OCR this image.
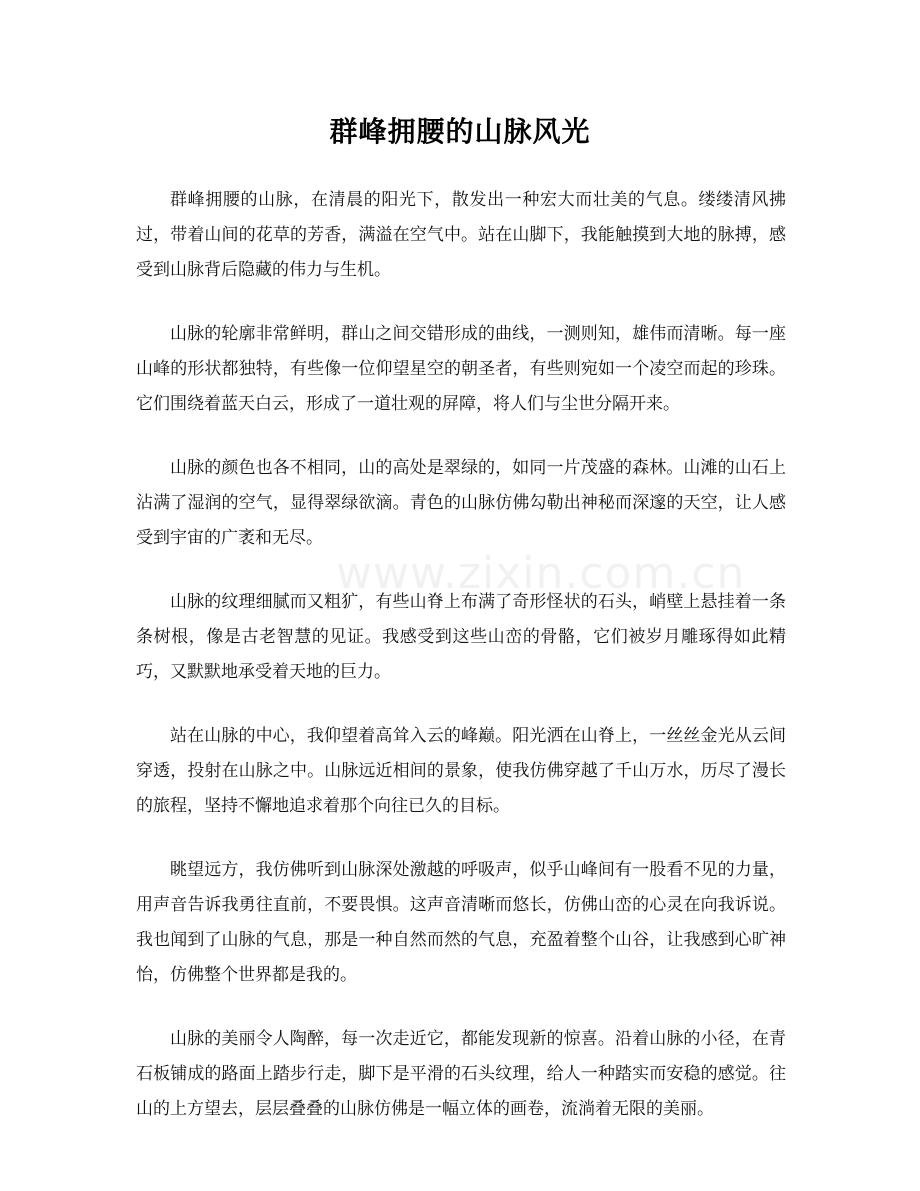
群峰拥腰的山脉风光

群峰拥腰的山脉，在清晨的阳光下，散发出一种宏大而壮美的气息。缕缕清风拂过，带着山间的花草的芳香，满溢在空气中。站在山脚下，我能触摸到大地的脉搏，感受到山脉背后隐藏的伟力与生机。

山脉的轮廓非常鲜明，群山之间交错形成的曲线，一测则知，雄伟而清晰。每一座山峰的形状都独特，有些像一位仰望星空的朝圣者，有些则宛如一个凌空而起的珍珠。它们围绕着蓝天白云，形成了一道壮观的屏障，将人们与尘世分隔开来。

山脉的颜色也各不相同，山的高处是翠绿的，如同一片茂盛的森林。山滩的山石上沾满了湿润的空气，显得翠绿欲滴。青色的山脉仿佛勾勒出神秘而深邃的天空，让人感受到宇宙的广袤和无尽。

山脉的纹理细腻而又粗犷，有些山脊上布满了奇形怪状的石头，峭壁上悬挂着一条条树根，像是古老智慧的见证。我感受到这些山峦的骨骼，它们被岁月雕琢得如此精巧，又默默地承受着天地的巨力。

站在山脉的中心，我仰望着高耸入云的峰巅。阳光洒在山脊上，一丝丝金光从云间穿透，投射在山脉之中。山脉远近相间的景象，使我仿佛穿越了千山万水，历尽了漫长的旅程，坚持不懈地追求着那个向往已久的目标。

眺望远方，我仿佛听到山脉深处激越的呼吸声，似乎山峰间有一股看不见的力量，用声音告诉我勇往直前，不要畏惧。这声音清晰而悠长，仿佛山峦的心灵在向我诉说。我也闻到了山脉的气息，那是一种自然而然的气息，充盈着整个山谷，让我感到心旷神怡，仿佛整个世界都是我的。

山脉的美丽令人陶醉，每一次走近它，都能发现新的惊喜。沿着山脉的小径，在青石板铺成的路面上踏步行走，脚下是平滑的石头纹理，给人一种踏实而安稳的感觉。往山的上方望去，层层叠叠的山脉仿佛是一幅立体的画卷，流淌着无限的美丽。

www.zixin.com.cn
